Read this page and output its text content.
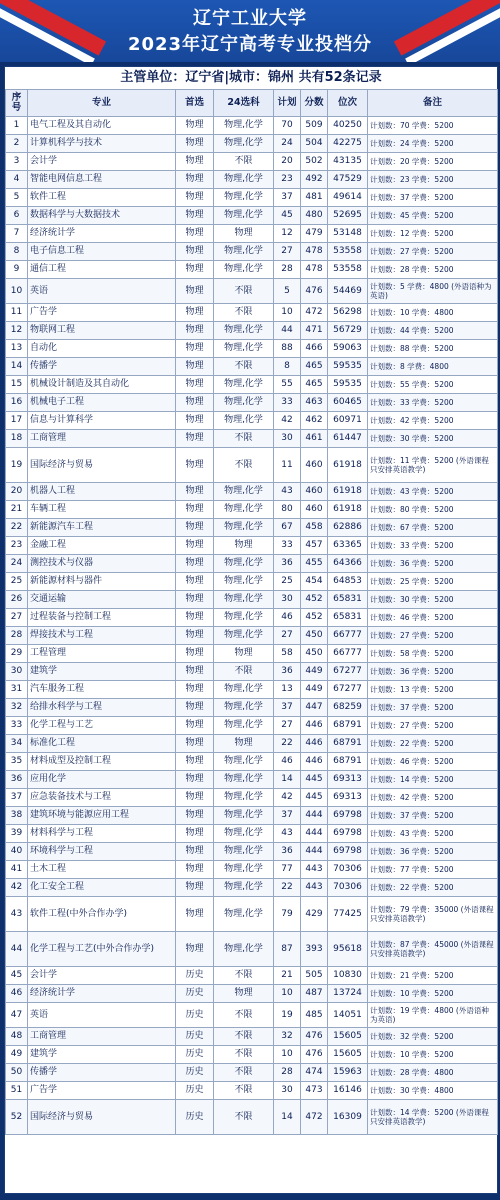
辽宁工业大学
2023年辽宁高考专业投档分
主管单位：辽宁省|城市：锦州 共有52条记录
序号	专业	首选	24选科	计划	分数	位次	备注
1	电气工程及其自动化	物理	物理,化学	70	509	40250	计划数：70 学费：5200
2	计算机科学与技术	物理	物理,化学	24	504	42275	计划数：24 学费：5200
3	会计学	物理	不限	20	502	43135	计划数：20 学费：5200
4	智能电网信息工程	物理	物理,化学	23	492	47529	计划数：23 学费：5200
5	软件工程	物理	物理,化学	37	481	49614	计划数：37 学费：5200
6	数据科学与大数据技术	物理	物理,化学	45	480	52695	计划数：45 学费：5200
7	经济统计学	物理	物理	12	479	53148	计划数：12 学费：5200
8	电子信息工程	物理	物理,化学	27	478	53558	计划数：27 学费：5200
9	通信工程	物理	物理,化学	28	478	53558	计划数：28 学费：5200
10	英语	物理	不限	5	476	54469	计划数：5 学费：4800 (外语语种为英语)
11	广告学	物理	不限	10	472	56298	计划数：10 学费：4800
12	物联网工程	物理	物理,化学	44	471	56729	计划数：44 学费：5200
13	自动化	物理	物理,化学	88	466	59063	计划数：88 学费：5200
14	传播学	物理	不限	8	465	59535	计划数：8 学费：4800
15	机械设计制造及其自动化	物理	物理,化学	55	465	59535	计划数：55 学费：5200
16	机械电子工程	物理	物理,化学	33	463	60465	计划数：33 学费：5200
17	信息与计算科学	物理	物理,化学	42	462	60971	计划数：42 学费：5200
18	工商管理	物理	不限	30	461	61447	计划数：30 学费：5200
19	国际经济与贸易	物理	不限	11	460	61918	计划数：11 学费：5200 (外语课程只安排英语教学)
20	机器人工程	物理	物理,化学	43	460	61918	计划数：43 学费：5200
21	车辆工程	物理	物理,化学	80	460	61918	计划数：80 学费：5200
22	新能源汽车工程	物理	物理,化学	67	458	62886	计划数：67 学费：5200
23	金融工程	物理	物理	33	457	63365	计划数：33 学费：5200
24	测控技术与仪器	物理	物理,化学	36	455	64366	计划数：36 学费：5200
25	新能源材料与器件	物理	物理,化学	25	454	64853	计划数：25 学费：5200
26	交通运输	物理	物理,化学	30	452	65831	计划数：30 学费：5200
27	过程装备与控制工程	物理	物理,化学	46	452	65831	计划数：46 学费：5200
28	焊接技术与工程	物理	物理,化学	27	450	66777	计划数：27 学费：5200
29	工程管理	物理	物理	58	450	66777	计划数：58 学费：5200
30	建筑学	物理	不限	36	449	67277	计划数：36 学费：5200
31	汽车服务工程	物理	物理,化学	13	449	67277	计划数：13 学费：5200
32	给排水科学与工程	物理	物理,化学	37	447	68259	计划数：37 学费：5200
33	化学工程与工艺	物理	物理,化学	27	446	68791	计划数：27 学费：5200
34	标准化工程	物理	物理	22	446	68791	计划数：22 学费：5200
35	材料成型及控制工程	物理	物理,化学	46	446	68791	计划数：46 学费：5200
36	应用化学	物理	物理,化学	14	445	69313	计划数：14 学费：5200
37	应急装备技术与工程	物理	物理,化学	42	445	69313	计划数：42 学费：5200
38	建筑环境与能源应用工程	物理	物理,化学	37	444	69798	计划数：37 学费：5200
39	材料科学与工程	物理	物理,化学	43	444	69798	计划数：43 学费：5200
40	环境科学与工程	物理	物理,化学	36	444	69798	计划数：36 学费：5200
41	土木工程	物理	物理,化学	77	443	70306	计划数：77 学费：5200
42	化工安全工程	物理	物理,化学	22	443	70306	计划数：22 学费：5200
43	软件工程(中外合作办学)	物理	物理,化学	79	429	77425	计划数：79 学费：35000 (外语课程只安排英语教学)
44	化学工程与工艺(中外合作办学)	物理	物理,化学	87	393	95618	计划数：87 学费：45000 (外语课程只安排英语教学)
45	会计学	历史	不限	21	505	10830	计划数：21 学费：5200
46	经济统计学	历史	物理	10	487	13724	计划数：10 学费：5200
47	英语	历史	不限	19	485	14051	计划数：19 学费：4800 (外语语种为英语)
48	工商管理	历史	不限	32	476	15605	计划数：32 学费：5200
49	建筑学	历史	不限	10	476	15605	计划数：10 学费：5200
50	传播学	历史	不限	28	474	15963	计划数：28 学费：4800
51	广告学	历史	不限	30	473	16146	计划数：30 学费：4800
52	国际经济与贸易	历史	不限	14	472	16309	计划数：14 学费：5200 (外语课程只安排英语教学)
